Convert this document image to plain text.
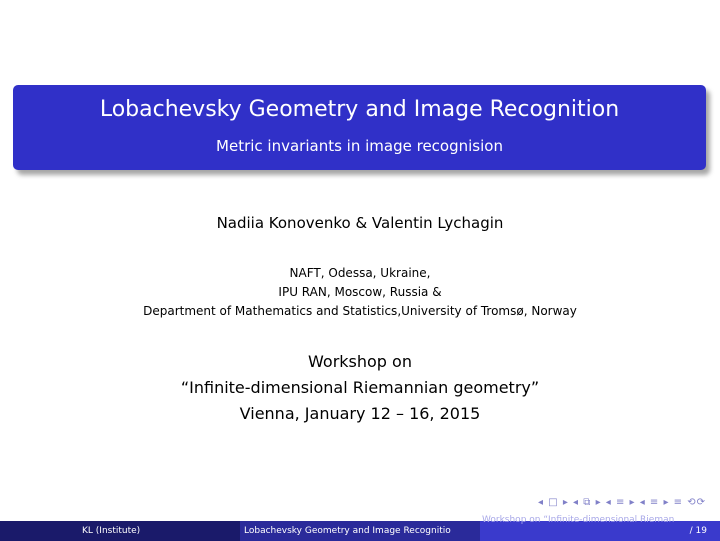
Lobachevsky Geometry and Image Recognition
Metric invariants in image recognision
Nadiia Konovenko & Valentin Lychagin
NAFT, Odessa, Ukraine,
IPU RAN, Moscow, Russia &
Department of Mathematics and Statistics,University of Tromsø, Norway
Workshop on
“Infinite-dimensional Riemannian geometry”
Vienna, January 12 – 16, 2015
◂ □ ▸ ◂ ⧉ ▸ ◂ ≡ ▸ ◂ ≡ ▸ ≡ ⟲⟳
KL (Institute)	Lobachevsky Geometry and Image Recognitio
Workshop on “Infinite-dimensional Rieman
/ 19
